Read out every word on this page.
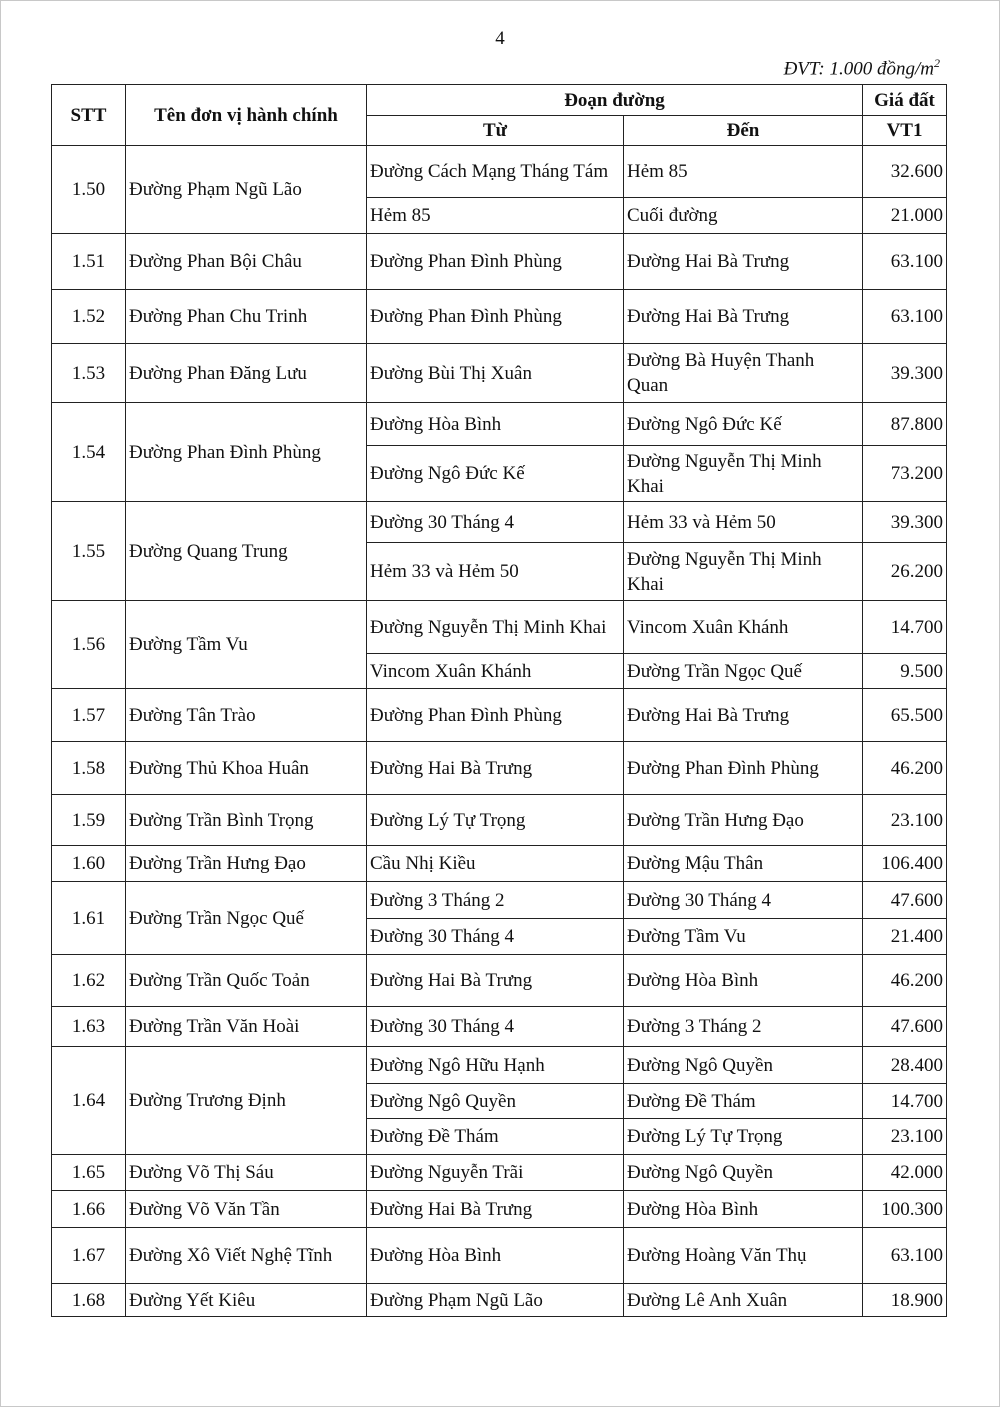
4
ĐVT: 1.000 đồng/$m^2$
STT	Tên đơn vị hành chính	Đoạn đường		Giá đất
		Từ	Đến	VT1
1.50	Đường Phạm Ngũ Lão	Đường Cách Mạng Tháng Tám	Hẻm 85	32.600
		Hẻm 85	Cuối đường	21.000
1.51	Đường Phan Bội Châu	Đường Phan Đình Phùng	Đường Hai Bà Trưng	63.100
1.52	Đường Phan Chu Trinh	Đường Phan Đình Phùng	Đường Hai Bà Trưng	63.100
1.53	Đường Phan Đăng Lưu	Đường Bùi Thị Xuân	Đường Bà Huyện Thanh Quan	39.300
1.54	Đường Phan Đình Phùng	Đường Hòa Bình	Đường Ngô Đức Kế	87.800
		Đường Ngô Đức Kế	Đường Nguyễn Thị Minh Khai	73.200
1.55	Đường Quang Trung	Đường 30 Tháng 4	Hẻm 33 và Hẻm 50	39.300
		Hẻm 33 và Hẻm 50	Đường Nguyễn Thị Minh Khai	26.200
1.56	Đường Tầm Vu	Đường Nguyễn Thị Minh Khai	Vincom Xuân Khánh	14.700
		Vincom Xuân Khánh	Đường Trần Ngọc Quế	9.500
1.57	Đường Tân Trào	Đường Phan Đình Phùng	Đường Hai Bà Trưng	65.500
1.58	Đường Thủ Khoa Huân	Đường Hai Bà Trưng	Đường Phan Đình Phùng	46.200
1.59	Đường Trần Bình Trọng	Đường Lý Tự Trọng	Đường Trần Hưng Đạo	23.100
1.60	Đường Trần Hưng Đạo	Cầu Nhị Kiều	Đường Mậu Thân	106.400
1.61	Đường Trần Ngọc Quế	Đường 3 Tháng 2	Đường 30 Tháng 4	47.600
		Đường 30 Tháng 4	Đường Tầm Vu	21.400
1.62	Đường Trần Quốc Toản	Đường Hai Bà Trưng	Đường Hòa Bình	46.200
1.63	Đường Trần Văn Hoài	Đường 30 Tháng 4	Đường 3 Tháng 2	47.600
1.64	Đường Trương Định	Đường Ngô Hữu Hạnh	Đường Ngô Quyền	28.400
		Đường Ngô Quyền	Đường Đề Thám	14.700
		Đường Đề Thám	Đường Lý Tự Trọng	23.100
1.65	Đường Võ Thị Sáu	Đường Nguyễn Trãi	Đường Ngô Quyền	42.000
1.66	Đường Võ Văn Tần	Đường Hai Bà Trưng	Đường Hòa Bình	100.300
1.67	Đường Xô Viết Nghệ Tĩnh	Đường Hòa Bình	Đường Hoàng Văn Thụ	63.100
1.68	Đường Yết Kiêu	Đường Phạm Ngũ Lão	Đường Lê Anh Xuân	18.900
